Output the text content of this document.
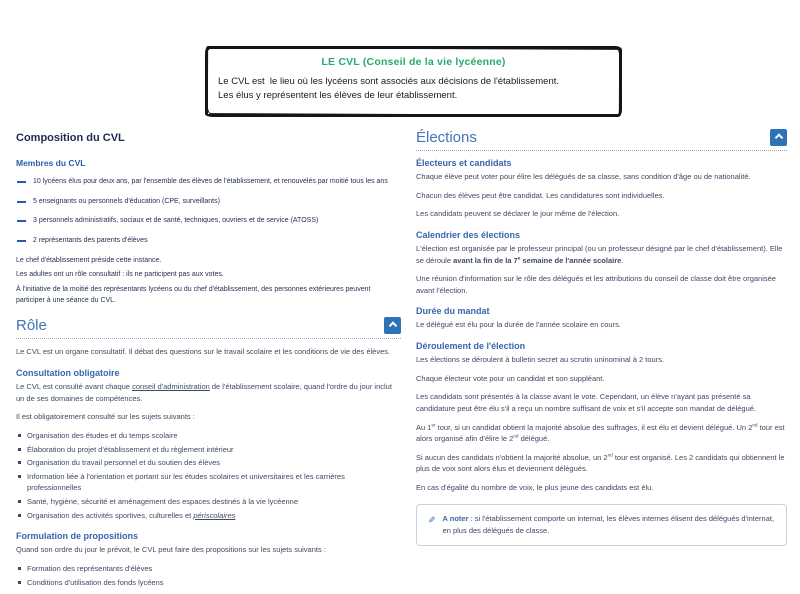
LE CVL (Conseil de la vie lycéenne)
Le CVL est  le lieu où les lycéens sont associés aux décisions de l'établissement.
Les élus y représentent les élèves de leur établissement.
Composition du CVL
Membres du CVL
10 lycéens élus pour deux ans, par l'ensemble des élèves de l'établissement, et renouvelés par moitié tous les ans
5 enseignants ou personnels d'éducation (CPE, surveillants)
3 personnels administratifs, sociaux et de santé, techniques, ouvriers et de service (ATOSS)
2 représentants des parents d'élèves

Le chef d'établissement préside cette instance.

Les adultes ont un rôle consultatif : ils ne participent pas aux votes.

À l'initiative de la moitié des représentants lycéens ou du chef d'établissement, des personnes extérieures peuvent participer à une séance du CVL.

Rôle

Le CVL est un organe consultatif. Il débat des questions sur le travail scolaire et les conditions de vie des élèves.

Consultation obligatoire

Le CVL est consulté avant chaque conseil d'administration de l'établissement scolaire, quand l'ordre du jour inclut un de ses domaines de compétences.

Il est obligatoirement consulté sur les sujets suivants :

Organisation des études et du temps scolaire
Élaboration du projet d'établissement et du règlement intérieur
Organisation du travail personnel et du soutien des élèves
Information liée à l'orientation et portant sur les études scolaires et universitaires et les carrières professionnelles
Santé, hygiène, sécurité et aménagement des espaces destinés à la vie lycéenne
Organisation des activités sportives, culturelles et périscolaires
Formulation de propositions

Quand son ordre du jour le prévoit, le CVL peut faire des propositions sur les sujets suivants :

Formation des représentants d'élèves
Conditions d'utilisation des fonds lycéens
Élections
Électeurs et candidats

Chaque élève peut voter pour élire les délégués de sa classe, sans condition d'âge ou de nationalité.

Chacun des élèves peut être candidat. Les candidatures sont individuelles.

Les candidats peuvent se déclarer le jour même de l'élection.

Calendrier des élections

L'élection est organisée par le professeur principal (ou un professeur désigné par le chef d'établissement). Elle se déroule avant la fin de la 7e semaine de l'année scolaire.

Une réunion d'information sur le rôle des délégués et les attributions du conseil de classe doit être organisée avant l'élection.

Durée du mandat

Le délégué est élu pour la durée de l'année scolaire en cours.

Déroulement de l'élection

Les élections se déroulent à bulletin secret au scrutin uninominal à 2 tours.

Chaque électeur vote pour un candidat et son suppléant.

Les candidats sont présentés à la classe avant le vote. Cependant, un élève n'ayant pas présenté sa candidature peut être élu s'il a reçu un nombre suffisant de voix et s'il accepte son mandat de délégué.

Au 1er tour, si un candidat obtient la majorité absolue des suffrages, il est élu et devient délégué. Un 2nd tour est alors organisé afin d'élire le 2nd délégué.

Si aucun des candidats n'obtient la majorité absolue, un 2nd tour est organisé. Les 2 candidats qui obtiennent le plus de voix sont alors élus et deviennent délégués.

En cas d'égalité du nombre de voix, le plus jeune des candidats est élu.

✎ A noter : si l'établissement comporte un internat, les élèves internes élisent des délégués d'internat, en plus des délégués de classe.
